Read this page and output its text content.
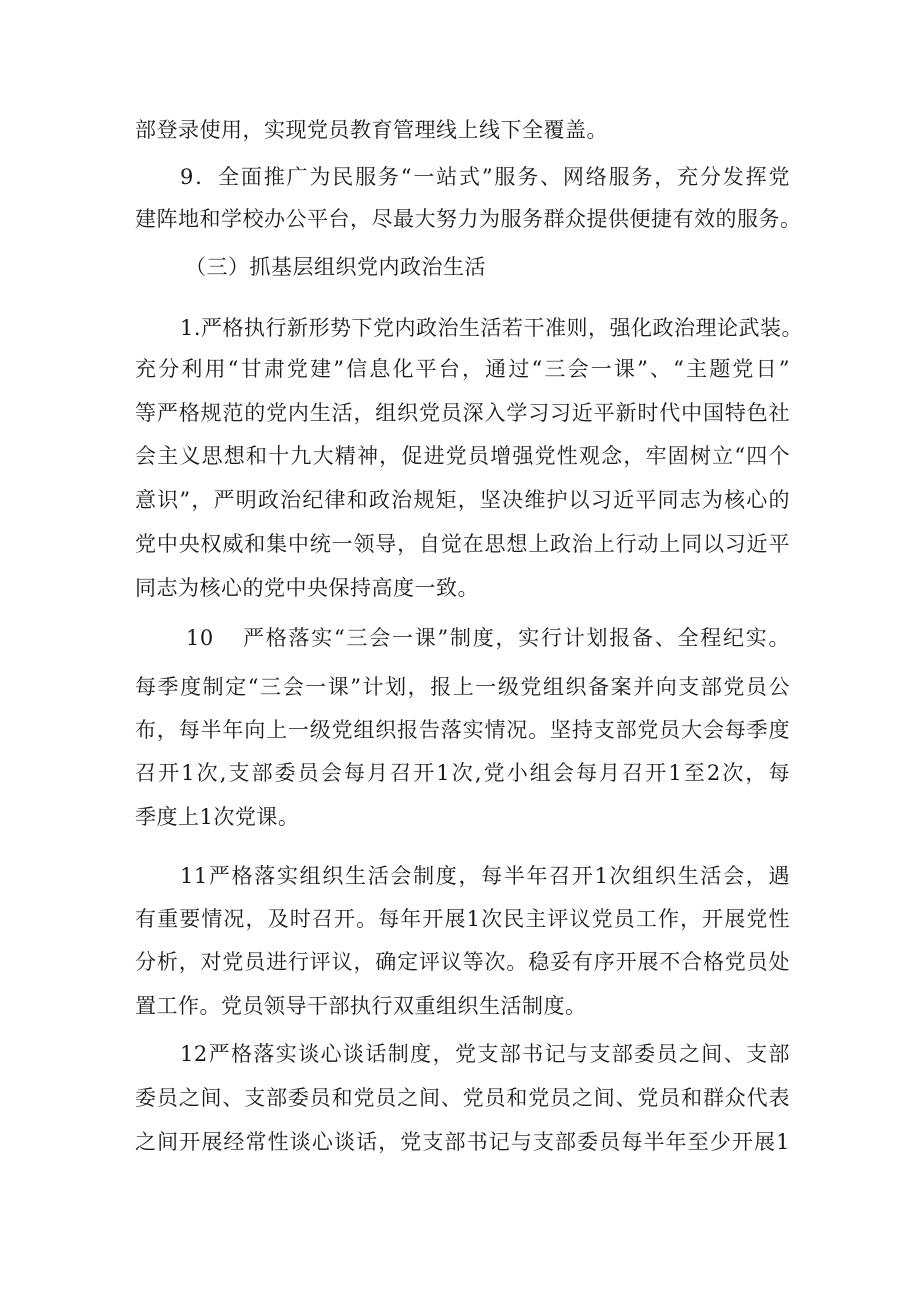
部登录使用，实现党员教育管理线上线下全覆盖。
9．全面推广为民服务“一站式”服务、网络服务，充分发挥党
建阵地和学校办公平台，尽最大努力为服务群众提供便捷有效的服务。
（三）抓基层组织党内政治生活
1.严格执行新形势下党内政治生活若干准则，强化政治理论武装。
充分利用“甘肃党建”信息化平台，通过“三会一课”、“主题党日”
等严格规范的党内生活，组织党员深入学习习近平新时代中国特色社
会主义思想和十九大精神，促进党员增强党性观念，牢固树立“四个
意识”，严明政治纪律和政治规矩，坚决维护以习近平同志为核心的
党中央权威和集中统一领导，自觉在思想上政治上行动上同以习近平
同志为核心的党中央保持高度一致。
10 严格落实“三会一课”制度，实行计划报备、全程纪实。
每季度制定“三会一课”计划，报上一级党组织备案并向支部党员公
布，每半年向上一级党组织报告落实情况。坚持支部党员大会每季度
召开1次,支部委员会每月召开1次,党小组会每月召开1至2次，每
季度上1次党课。
11严格落实组织生活会制度，每半年召开1次组织生活会，遇
有重要情况，及时召开。每年开展1次民主评议党员工作，开展党性
分析，对党员进行评议，确定评议等次。稳妥有序开展不合格党员处
置工作。党员领导干部执行双重组织生活制度。
12严格落实谈心谈话制度，党支部书记与支部委员之间、支部
委员之间、支部委员和党员之间、党员和党员之间、党员和群众代表
之间开展经常性谈心谈话，党支部书记与支部委员每半年至少开展1
